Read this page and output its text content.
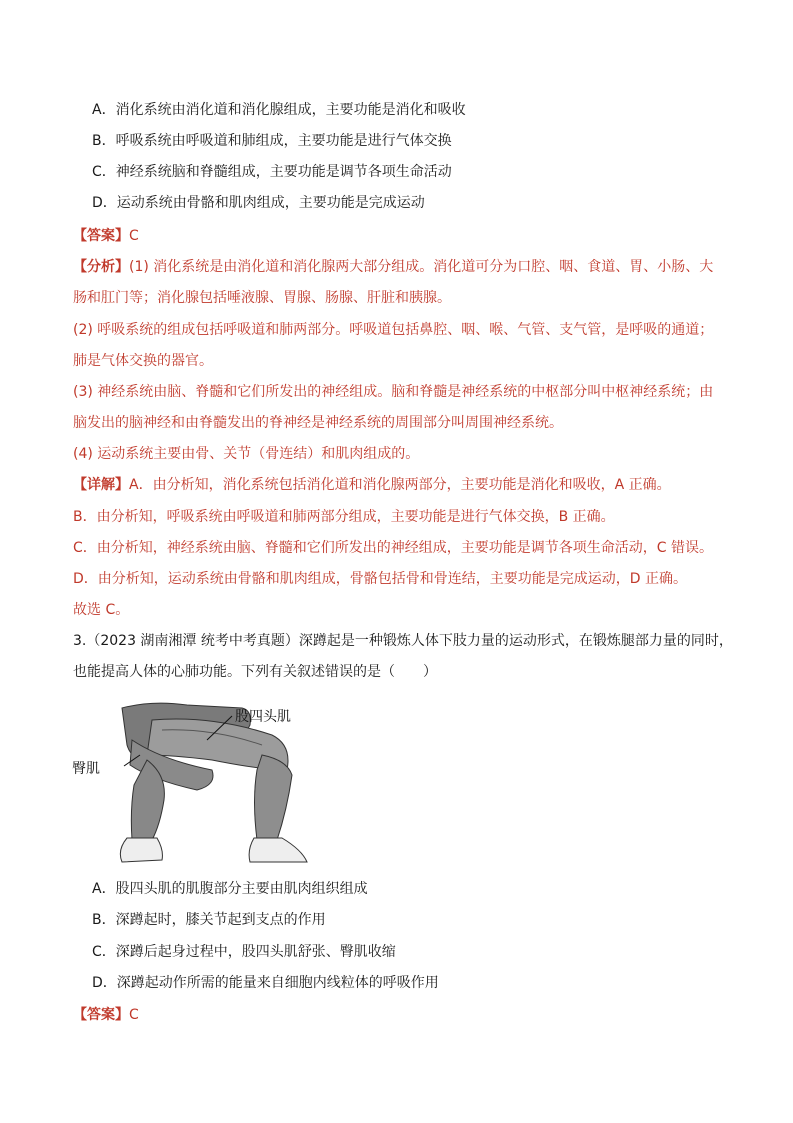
A．消化系统由消化道和消化腺组成，主要功能是消化和吸收
B．呼吸系统由呼吸道和肺组成，主要功能是进行气体交换
C．神经系统脑和脊髓组成，主要功能是调节各项生命活动
D．运动系统由骨骼和肌肉组成，主要功能是完成运动
【答案】C
【分析】(1) 消化系统是由消化道和消化腺两大部分组成。消化道可分为口腔、咽、食道、胃、小肠、大
肠和肛门等；消化腺包括唾液腺、胃腺、肠腺、肝脏和胰腺。
(2) 呼吸系统的组成包括呼吸道和肺两部分。呼吸道包括鼻腔、咽、喉、气管、支气管，是呼吸的通道；
肺是气体交换的器官。
(3) 神经系统由脑、脊髓和它们所发出的神经组成。脑和脊髓是神经系统的中枢部分叫中枢神经系统；由
脑发出的脑神经和由脊髓发出的脊神经是神经系统的周围部分叫周围神经系统。
(4) 运动系统主要由骨、关节（骨连结）和肌肉组成的。
【详解】A．由分析知，消化系统包括消化道和消化腺两部分，主要功能是消化和吸收，A 正确。
B．由分析知，呼吸系统由呼吸道和肺两部分组成，主要功能是进行气体交换，B 正确。
C．由分析知，神经系统由脑、脊髓和它们所发出的神经组成，主要功能是调节各项生命活动，C 错误。
D．由分析知，运动系统由骨骼和肌肉组成，骨骼包括骨和骨连结，主要功能是完成运动，D 正确。
故选 C。
3.（2023 湖南湘潭 统考中考真题）深蹲起是一种锻炼人体下肢力量的运动形式，在锻炼腿部力量的同时，
也能提高人体的心肺功能。下列有关叙述错误的是（　　）
股四头肌
臀肌
A．股四头肌的肌腹部分主要由肌肉组织组成
B．深蹲起时，膝关节起到支点的作用
C．深蹲后起身过程中，股四头肌舒张、臀肌收缩
D．深蹲起动作所需的能量来自细胞内线粒体的呼吸作用
【答案】C
